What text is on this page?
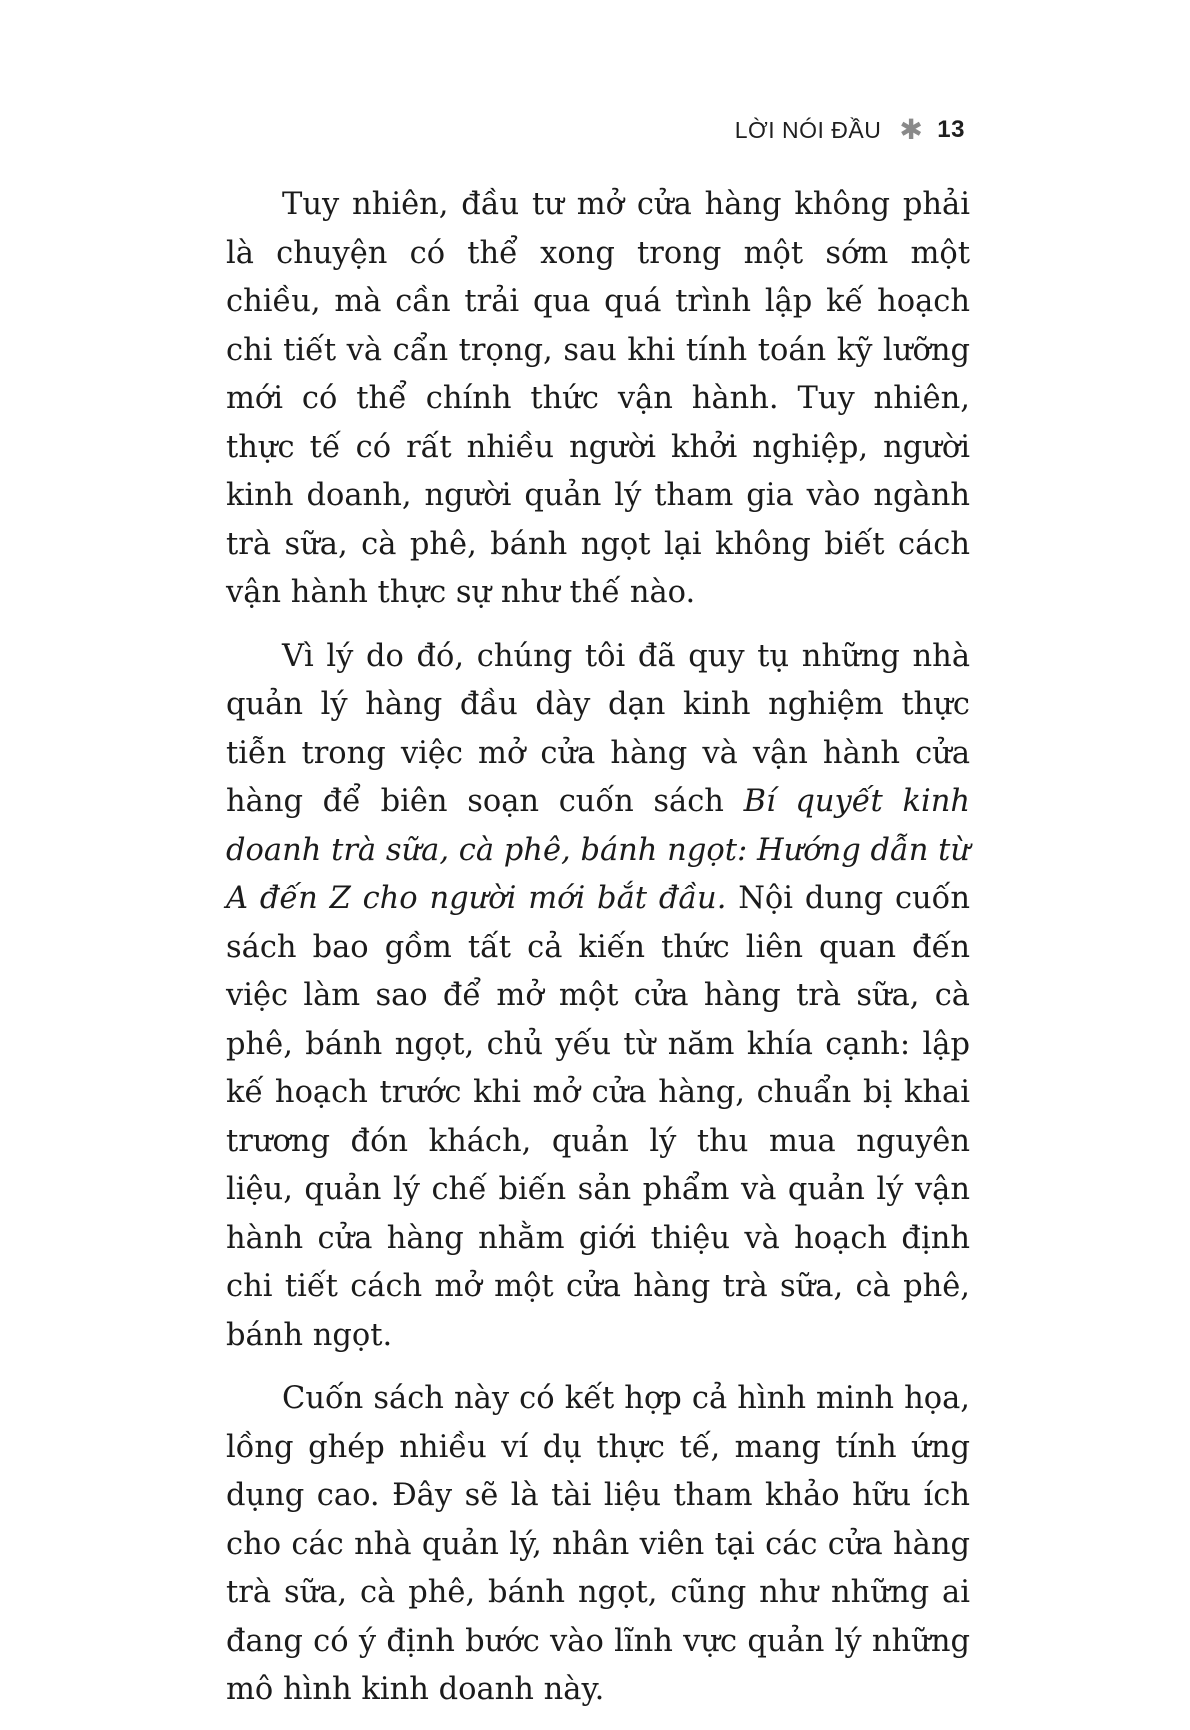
LỜI NÓI ĐẦU ✱ 13

Tuy nhiên, đầu tư mở cửa hàng không phải là chuyện có thể xong trong một sớm một chiều, mà cần trải qua quá trình lập kế hoạch chi tiết và cẩn trọng, sau khi tính toán kỹ lưỡng mới có thể chính thức vận hành. Tuy nhiên, thực tế có rất nhiều người khởi nghiệp, người kinh doanh, người quản lý tham gia vào ngành trà sữa, cà phê, bánh ngọt lại không biết cách vận hành thực sự như thế nào.

Vì lý do đó, chúng tôi đã quy tụ những nhà quản lý hàng đầu dày dạn kinh nghiệm thực tiễn trong việc mở cửa hàng và vận hành cửa hàng để biên soạn cuốn sách Bí quyết kinh doanh trà sữa, cà phê, bánh ngọt: Hướng dẫn từ A đến Z cho người mới bắt đầu. Nội dung cuốn sách bao gồm tất cả kiến thức liên quan đến việc làm sao để mở một cửa hàng trà sữa, cà phê, bánh ngọt, chủ yếu từ năm khía cạnh: lập kế hoạch trước khi mở cửa hàng, chuẩn bị khai trương đón khách, quản lý thu mua nguyên liệu, quản lý chế biến sản phẩm và quản lý vận hành cửa hàng nhằm giới thiệu và hoạch định chi tiết cách mở một cửa hàng trà sữa, cà phê, bánh ngọt.

Cuốn sách này có kết hợp cả hình minh họa, lồng ghép nhiều ví dụ thực tế, mang tính ứng dụng cao. Đây sẽ là tài liệu tham khảo hữu ích cho các nhà quản lý, nhân viên tại các cửa hàng trà sữa, cà phê, bánh ngọt, cũng như những ai đang có ý định bước vào lĩnh vực quản lý những mô hình kinh doanh này.
